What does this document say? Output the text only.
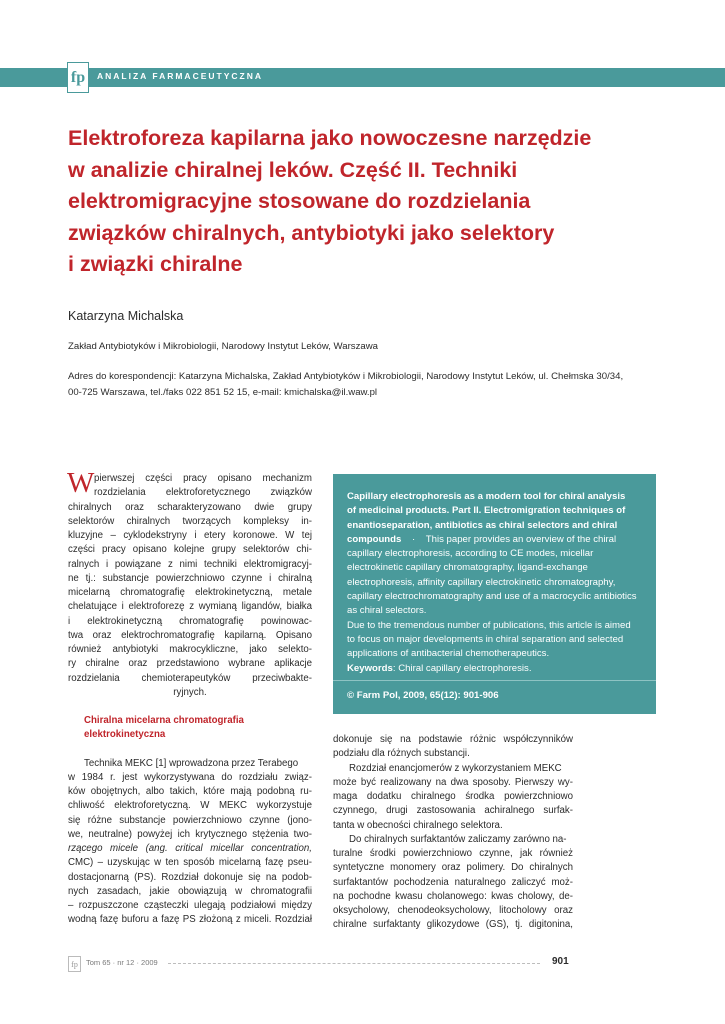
fp	ANALIZA FARMACEUTYCZNA
Elektroforeza kapilarna jako nowoczesne narzędzie
w analizie chiralnej leków. Część II. Techniki
elektromigracyjne stosowane do rozdzielania
związków chiralnych, antybiotyki jako selektory
i związki chiralne
Katarzyna Michalska
Zakład Antybiotyków i Mikrobiologii, Narodowy Instytut Leków, Warszawa
Adres do korespondencji: Katarzyna Michalska, Zakład Antybiotyków i Mikrobiologii, Narodowy Instytut Leków, ul. Chełmska 30/34,
00-725 Warszawa, tel./faks 022 851 52 15, e-mail: kmichalska@il.waw.pl
W pierwszej części pracy opisano mechanizm
rozdzielania elektroforetycznego związków
chiralnych oraz scharakteryzowano dwie grupy
selektorów chiralnych tworzących kompleksy in-
kluzyjne – cyklodekstryny i etery koronowe. W tej
części pracy opisano kolejne grupy selektorów chi-
ralnych i powiązane z nimi techniki elektromigracyj-
ne tj.: substancje powierzchniowo czynne i chiralną
micelarną chromatografię elektrokinetyczną, metale
chelatujące i elektroforezę z wymianą ligandów, białka
i elektrokinetyczną chromatografię powinowac-
twa oraz elektrochromatografię kapilarną. Opisano
również antybiotyki makrocykliczne, jako selekto-
ry chiralne oraz przedstawiono wybrane aplikacje
rozdzielania chemioterapeutyków przeciwbakte-
ryjnych.
Chiralna micelarna chromatografia
elektrokinetyczna
Technika MEKC [1] wprowadzona przez Terabego
w 1984 r. jest wykorzystywana do rozdziału związ-
ków obojętnych, albo takich, które mają podobną ru-
chliwość elektroforetyczną. W MEKC wykorzystuje
się różne substancje powierzchniowo czynne (jono-
we, neutralne) powyżej ich krytycznego stężenia two-
rzącego micele (ang. critical micellar concentration,
CMC) – uzyskując w ten sposób micelarną fazę pseu-
dostacjonarną (PS). Rozdział dokonuje się na podob-
nych zasadach, jakie obowiązują w chromatografii
– rozpuszczone cząsteczki ulegają podziałowi między
wodną fazę buforu a fazę PS złożoną z miceli. Rozdział
Capillary electrophoresis as a modern tool for chiral analysis
of medicinal products. Part II. Electromigration techniques of
enantioseparation, antibiotics as chiral selectors and chiral
compounds · This paper provides an overview of the chiral
capillary electrophoresis, according to CE modes, micellar
electrokinetic capillary chromatography, ligand-exchange
electrophoresis, affinity capillary electrokinetic chromatography,
capillary electrochromatography and use of a macrocyclic antibiotics
as chiral selectors.
Due to the tremendous number of publications, this article is aimed
to focus on major developments in chiral separation and selected
applications of antibacterial chemotherapeutics.
Keywords: Chiral capillary electrophoresis.
© Farm Pol, 2009, 65(12): 901-906
dokonuje się na podstawie różnic współczynników
podziału dla różnych substancji.
Rozdział enancjomerów z wykorzystaniem MEKC
może być realizowany na dwa sposoby. Pierwszy wy-
maga dodatku chiralnego środka powierzchniowo
czynnego, drugi zastosowania achiralnego surfak-
tanta w obecności chiralnego selektora.
Do chiralnych surfaktantów zaliczamy zarówno na-
turalne środki powierzchniowo czynne, jak również
syntetyczne monomery oraz polimery. Do chiralnych
surfaktantów pochodzenia naturalnego zaliczyć moż-
na pochodne kwasu cholanowego: kwas cholowy, de-
oksycholowy, chenodeoksycholowy, litocholowy oraz
chiralne surfaktanty glikozydowe (GS), tj. digitonina,
fp	Tom 65 · nr 12 · 2009	901
